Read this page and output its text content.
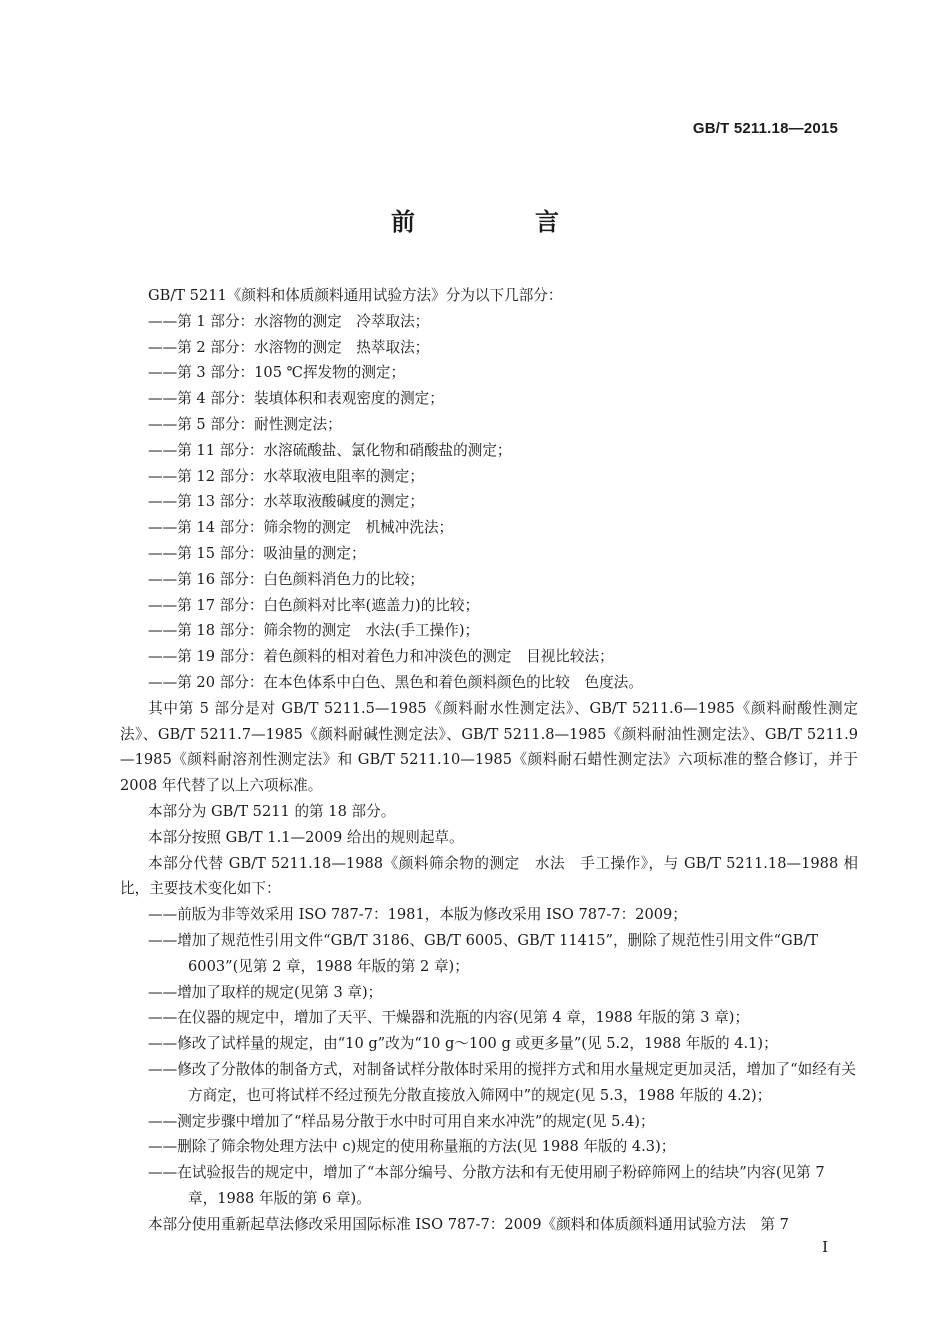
GB/T 5211.18—2015
前　言

GB/T 5211《颜料和体质颜料通用试验方法》分为以下几部分：

——第 1 部分：水溶物的测定　冷萃取法；
——第 2 部分：水溶物的测定　热萃取法；
——第 3 部分：105 ℃挥发物的测定；
——第 4 部分：装填体积和表观密度的测定；
——第 5 部分：耐性测定法；
——第 11 部分：水溶硫酸盐、氯化物和硝酸盐的测定；
——第 12 部分：水萃取液电阻率的测定；
——第 13 部分：水萃取液酸碱度的测定；
——第 14 部分：筛余物的测定　机械冲洗法；
——第 15 部分：吸油量的测定；
——第 16 部分：白色颜料消色力的比较；
——第 17 部分：白色颜料对比率(遮盖力)的比较；
——第 18 部分：筛余物的测定　水法(手工操作)；
——第 19 部分：着色颜料的相对着色力和冲淡色的测定　目视比较法；
——第 20 部分：在本色体系中白色、黑色和着色颜料颜色的比较　色度法。

其中第 5 部分是对 GB/T 5211.5—1985《颜料耐水性测定法》、GB/T 5211.6—1985《颜料耐酸性测定法》、GB/T 5211.7—1985《颜料耐碱性测定法》、GB/T 5211.8—1985《颜料耐油性测定法》、GB/T 5211.9—1985《颜料耐溶剂性测定法》和 GB/T 5211.10—1985《颜料耐石蜡性测定法》六项标准的整合修订，并于 2008 年代替了以上六项标准。

本部分为 GB/T 5211 的第 18 部分。

本部分按照 GB/T 1.1—2009 给出的规则起草。

本部分代替 GB/T 5211.18—1988《颜料筛余物的测定　水法　手工操作》，与 GB/T 5211.18—1988 相比，主要技术变化如下：

——前版为非等效采用 ISO 787-7：1981，本版为修改采用 ISO 787-7：2009；
——增加了规范性引用文件“GB/T 3186、GB/T 6005、GB/T 11415”，删除了规范性引用文件“GB/T 6003”(见第 2 章，1988 年版的第 2 章)；
——增加了取样的规定(见第 3 章)；
——在仪器的规定中，增加了天平、干燥器和洗瓶的内容(见第 4 章，1988 年版的第 3 章)；
——修改了试样量的规定，由“10 g”改为“10 g～100 g 或更多量”(见 5.2，1988 年版的 4.1)；
——修改了分散体的制备方式，对制备试样分散体时采用的搅拌方式和用水量规定更加灵活，增加了“如经有关方商定，也可将试样不经过预先分散直接放入筛网中”的规定(见 5.3，1988 年版的 4.2)；
——测定步骤中增加了“样品易分散于水中时可用自来水冲洗”的规定(见 5.4)；
——删除了筛余物处理方法中 c)规定的使用称量瓶的方法(见 1988 年版的 4.3)；
——在试验报告的规定中，增加了“本部分编号、分散方法和有无使用刷子粉碎筛网上的结块”内容(见第 7 章，1988 年版的第 6 章)。

本部分使用重新起草法修改采用国际标准 ISO 787-7：2009《颜料和体质颜料通用试验方法　第 7

I
